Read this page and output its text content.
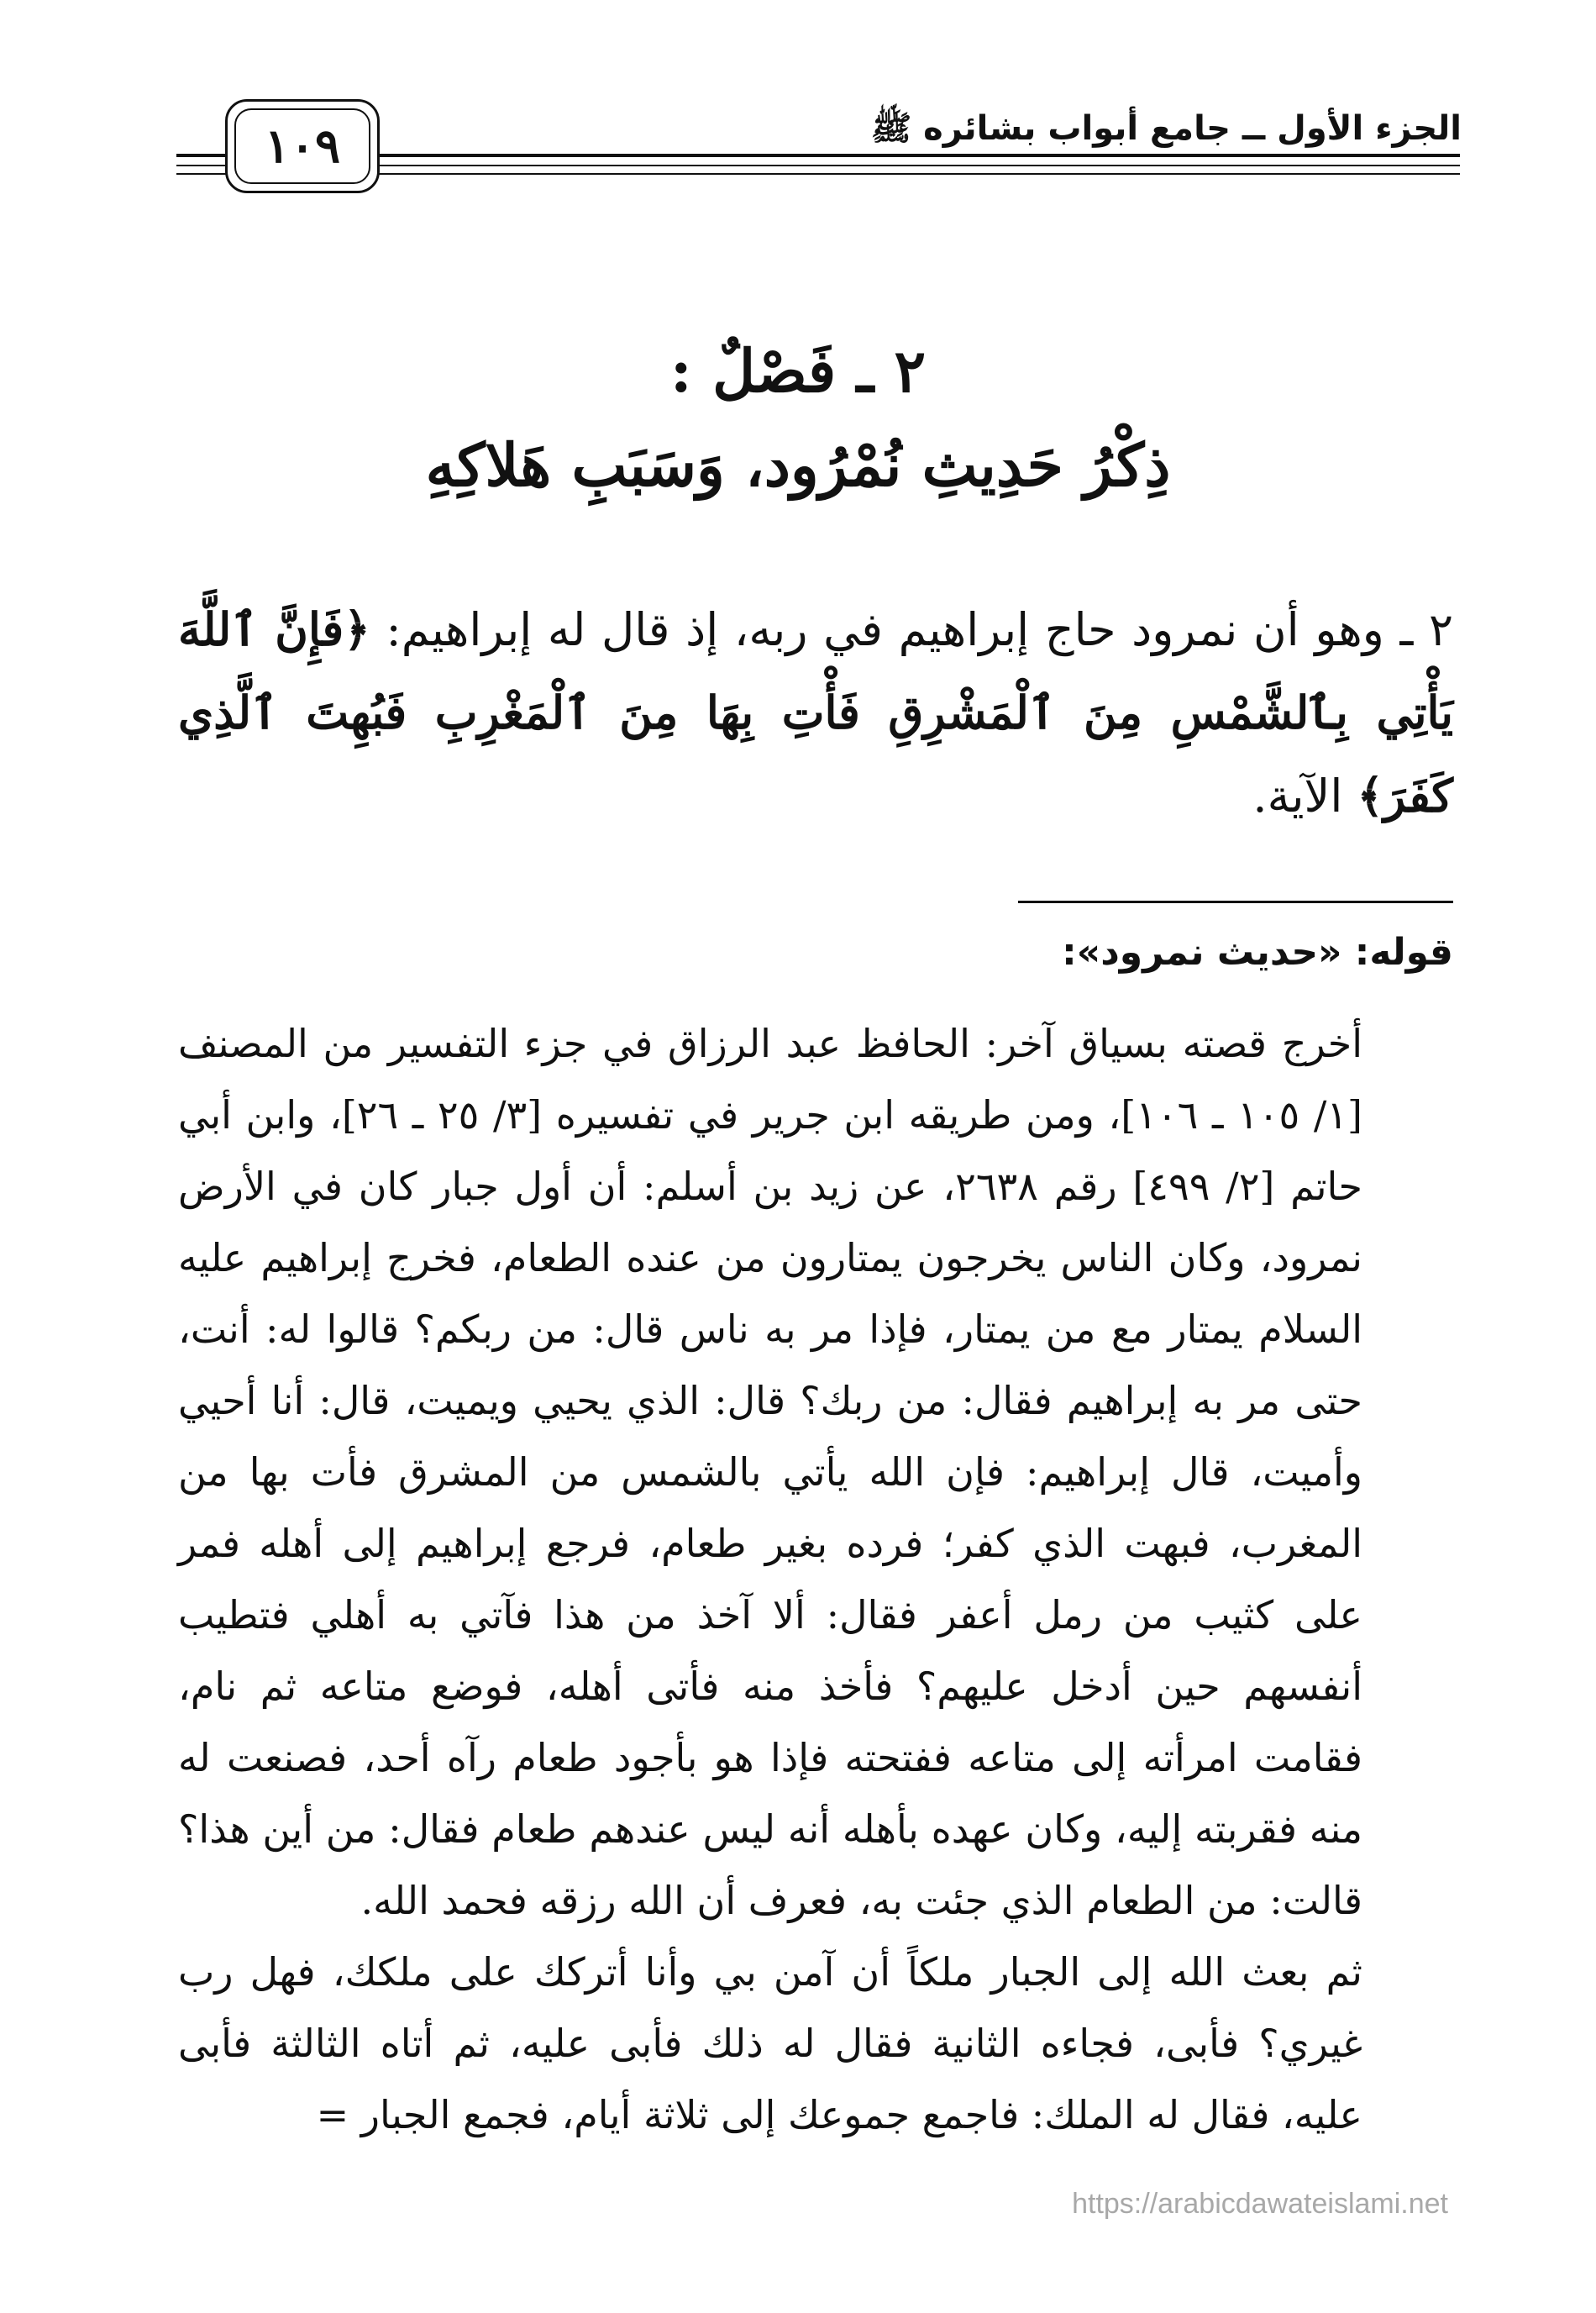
الجزء الأول ــ جامع أبواب بشائره ﷺ
١٠٩
٢ ـ فَصْلٌ :
ذِكْرُ حَدِيثِ نُمْرُود، وَسَبَبِ هَلاكِهِ

٢ ـ وهو أن نمرود حاج إبراهيم في ربه، إذ قال له إبراهيم: ﴿فَإِنَّ ٱللَّهَ يَأْتِي بِٱلشَّمْسِ مِنَ ٱلْمَشْرِقِ فَأْتِ بِهَا مِنَ ٱلْمَغْرِبِ فَبُهِتَ ٱلَّذِي كَفَرَ﴾ الآية.

قوله: «حديث نمرود»:

أخرج قصته بسياق آخر: الحافظ عبد الرزاق في جزء التفسير من المصنف [١/ ١٠٥ ـ ١٠٦]، ومن طريقه ابن جرير في تفسيره [٣/ ٢٥ ـ ٢٦]، وابن أبي حاتم [٢/ ٤٩٩] رقم ٢٦٣٨، عن زيد بن أسلم: أن أول جبار كان في الأرض نمرود، وكان الناس يخرجون يمتارون من عنده الطعام، فخرج إبراهيم عليه السلام يمتار مع من يمتار، فإذا مر به ناس قال: من ربكم؟ قالوا له: أنت، حتى مر به إبراهيم فقال: من ربك؟ قال: الذي يحيي ويميت، قال: أنا أحيي وأميت، قال إبراهيم: فإن الله يأتي بالشمس من المشرق فأت بها من المغرب، فبهت الذي كفر؛ فرده بغير طعام، فرجع إبراهيم إلى أهله فمر على كثيب من رمل أعفر فقال: ألا آخذ من هذا فآتي به أهلي فتطيب أنفسهم حين أدخل عليهم؟ فأخذ منه فأتى أهله، فوضع متاعه ثم نام، فقامت امرأته إلى متاعه ففتحته فإذا هو بأجود طعام رآه أحد، فصنعت له منه فقربته إليه، وكان عهده بأهله أنه ليس عندهم طعام فقال: من أين هذا؟ قالت: من الطعام الذي جئت به، فعرف أن الله رزقه فحمد الله.

ثم بعث الله إلى الجبار ملكاً أن آمن بي وأنا أتركك على ملكك، فهل رب غيري؟ فأبى، فجاءه الثانية فقال له ذلك فأبى عليه، ثم أتاه الثالثة فأبى عليه، فقال له الملك: فاجمع جموعك إلى ثلاثة أيام، فجمع الجبار =

https://arabicdawateislami.net
